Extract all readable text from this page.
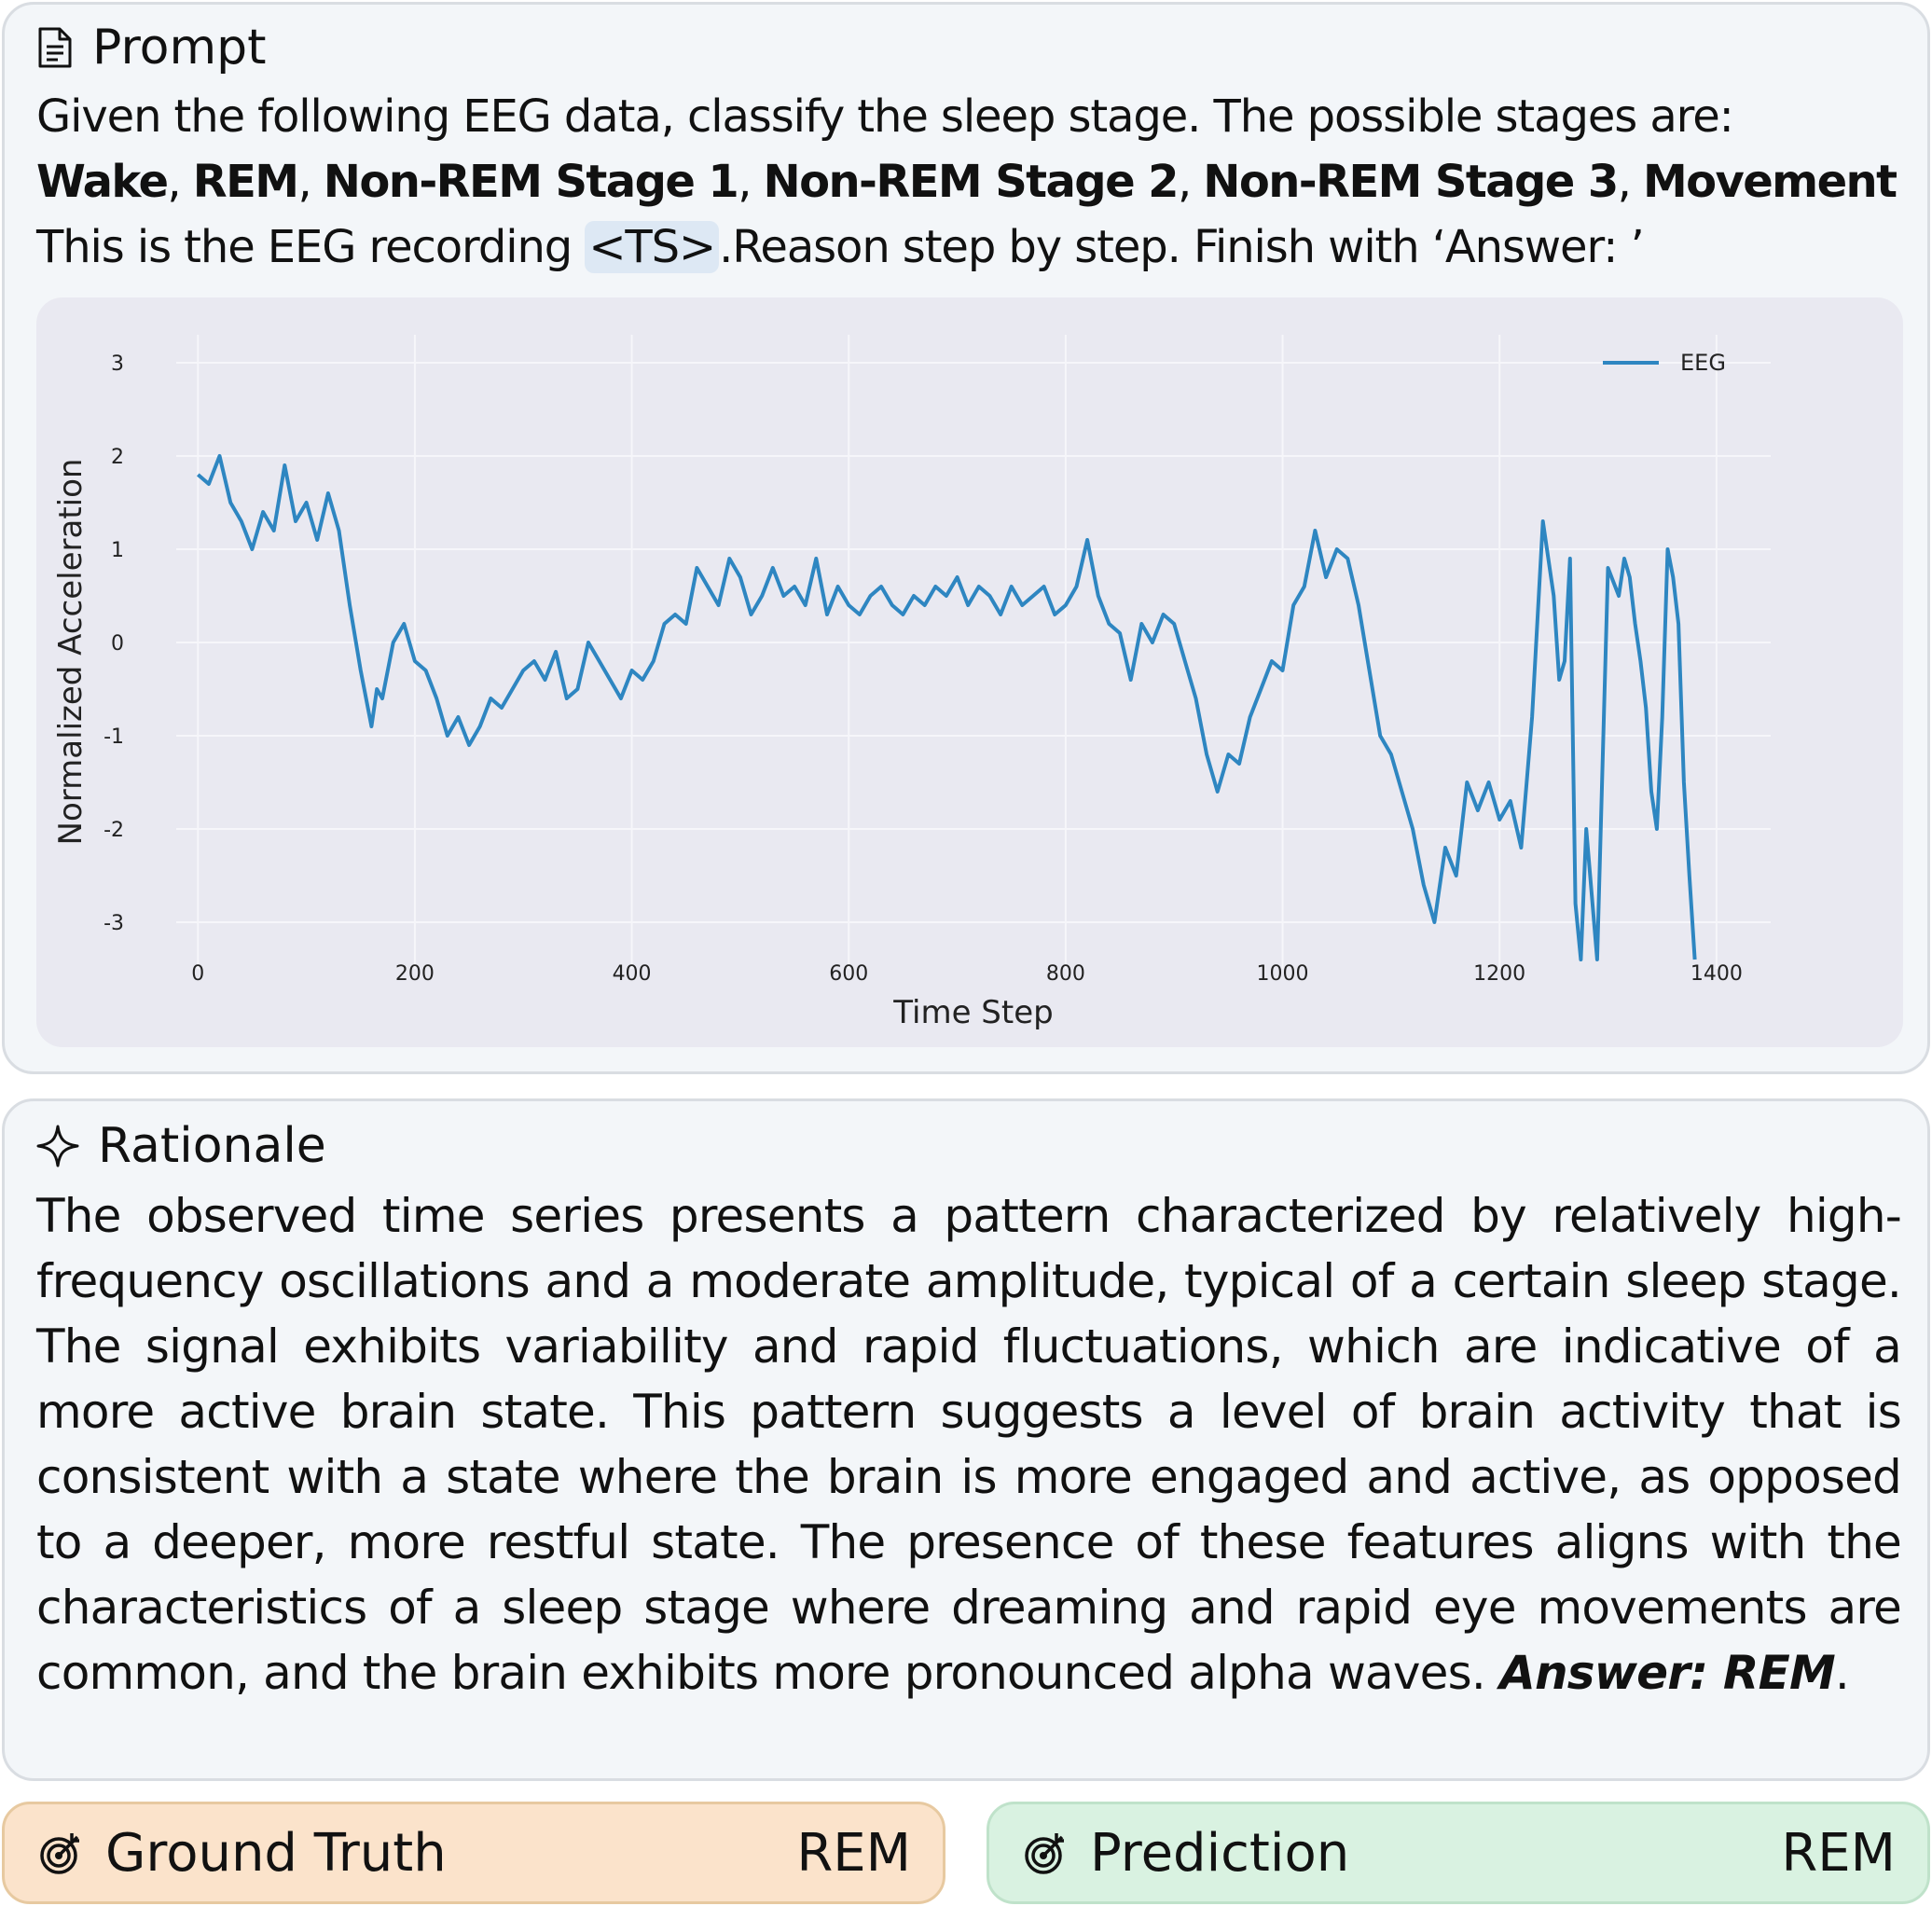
Prompt
Given the following EEG data, classify the sleep stage. The possible stages are:
Wake, REM, Non-REM Stage 1, Non-REM Stage 2, Non-REM Stage 3, Movement
This is the EEG recording <TS>.Reason step by step. Finish with ‘Answer: ’
0	200	400	600	800	1000	1200	1400
3
2
1
0
-1
-2
-3
Time Step
Normalized Acceleration
EEG
Rationale
The observed time series presents a pattern characterized by relatively high-frequency oscillations and a moderate amplitude, typical of a certain sleep stage. The signal exhibits variability and rapid fluctuations, which are indicative of a more active brain state. This pattern suggests a level of brain activity that is consistent with a state where the brain is more engaged and active, as opposed to a deeper, more restful state. The presence of these features aligns with the characteristics of a sleep stage where dreaming and rapid eye movements are common, and the brain exhibits more pronounced alpha waves. Answer: REM.
Ground Truth	REM	Prediction	REM
